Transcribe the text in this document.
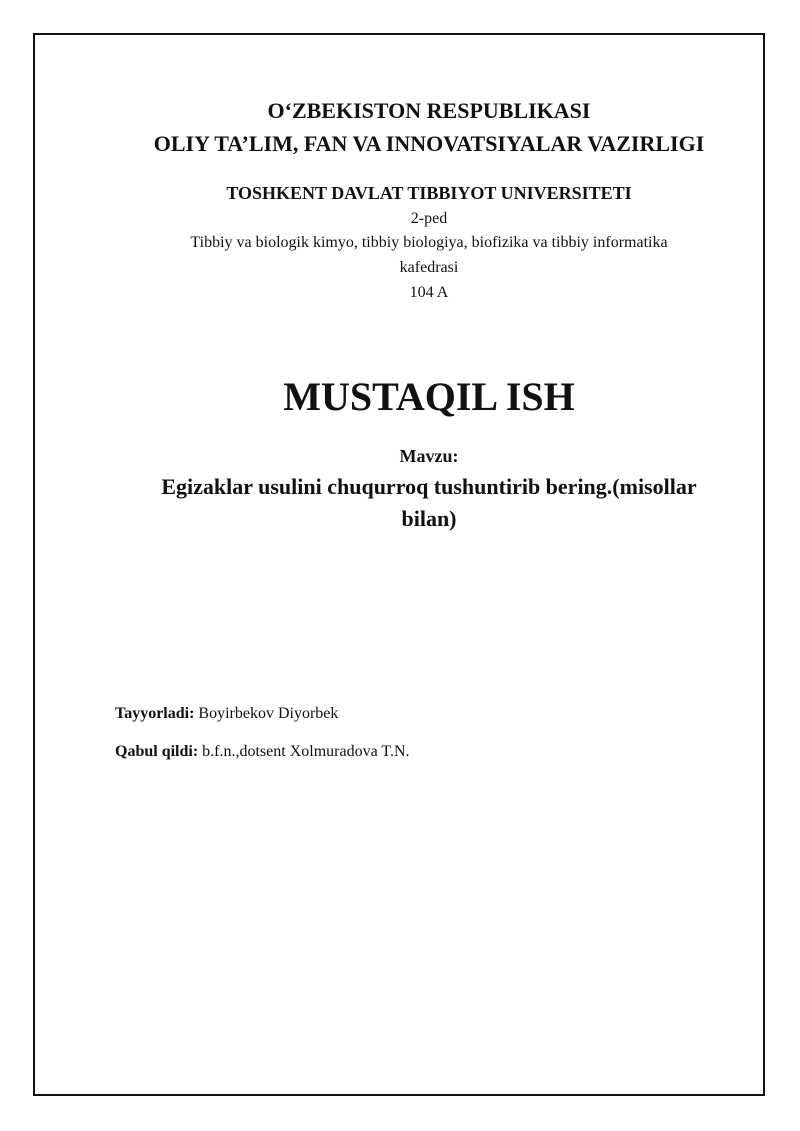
O‘ZBEKISTON RESPUBLIKASI
OLIY TA’LIM, FAN VA INNOVATSIYALAR VAZIRLIGI
TOSHKENT DAVLAT TIBBIYOT UNIVERSITETI
2-ped
Tibbiy va biologik kimyo, tibbiy biologiya, biofizika va tibbiy informatika
kafedrasi
104 A
MUSTAQIL ISH
Mavzu:
Egizaklar usulini chuqurroq tushuntirib bering.(misollar
bilan)
Tayyorladi: Boyirbekov Diyorbek
Qabul qildi: b.f.n.,dotsent Xolmuradova T.N.
